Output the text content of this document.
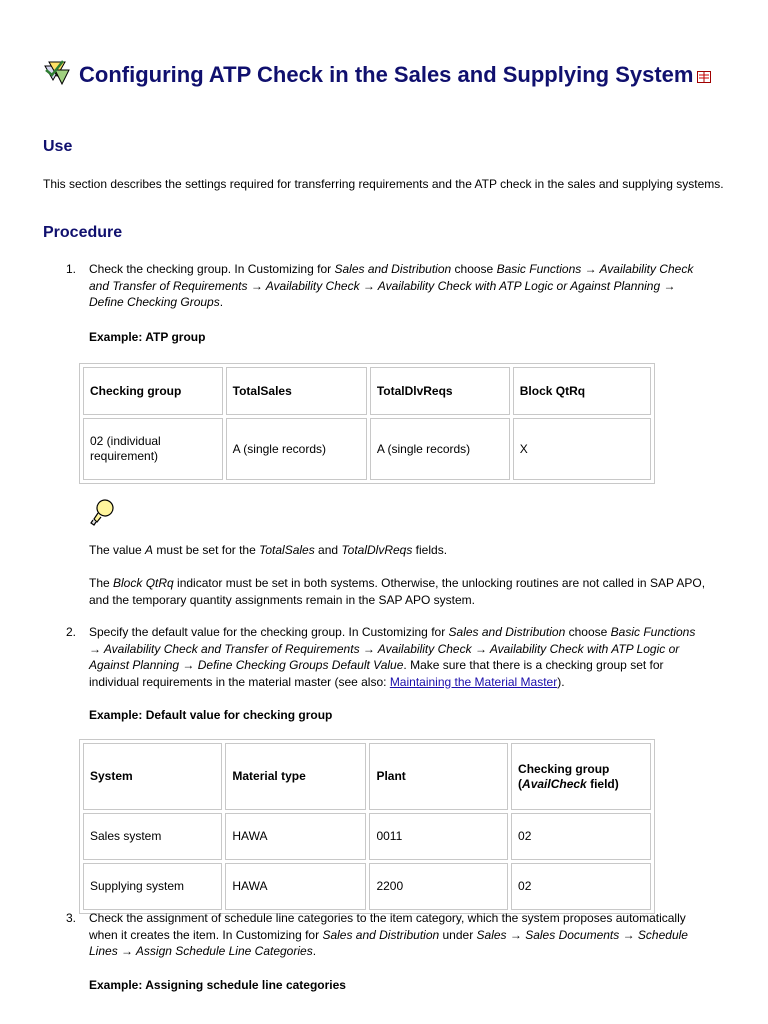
Configuring ATP Check in the Sales and Supplying System
Use

This section describes the settings required for transferring requirements and the ATP check in the sales and supplying systems.

Procedure
1. Check the checking group. In Customizing for Sales and Distribution choose Basic Functions → Availability Check and Transfer of Requirements → Availability Check → Availability Check with ATP Logic or Against Planning → Define Checking Groups.

Example: ATP group

Checking group	TotalSales	TotalDlvReqs	Block QtRq
02 (individual requirement)	A (single records)	A (single records)	X

The value A must be set for the TotalSales and TotalDlvReqs fields.

The Block QtRq indicator must be set in both systems. Otherwise, the unlocking routines are not called in SAP APO, and the temporary quantity assignments remain in the SAP APO system.

2. Specify the default value for the checking group. In Customizing for Sales and Distribution choose Basic Functions → Availability Check and Transfer of Requirements → Availability Check → Availability Check with ATP Logic or Against Planning → Define Checking Groups Default Value. Make sure that there is a checking group set for individual requirements in the material master (see also: Maintaining the Material Master).

Example: Default value for checking group

System	Material type	Plant	Checking group
(AvailCheck field)
Sales system	HAWA	0011	02
Supplying system	HAWA	2200	02
3. Check the assignment of schedule line categories to the item category, which the system proposes automatically when it creates the item. In Customizing for Sales and Distribution under Sales → Sales Documents → Schedule Lines → Assign Schedule Line Categories.

Example: Assigning schedule line categories
